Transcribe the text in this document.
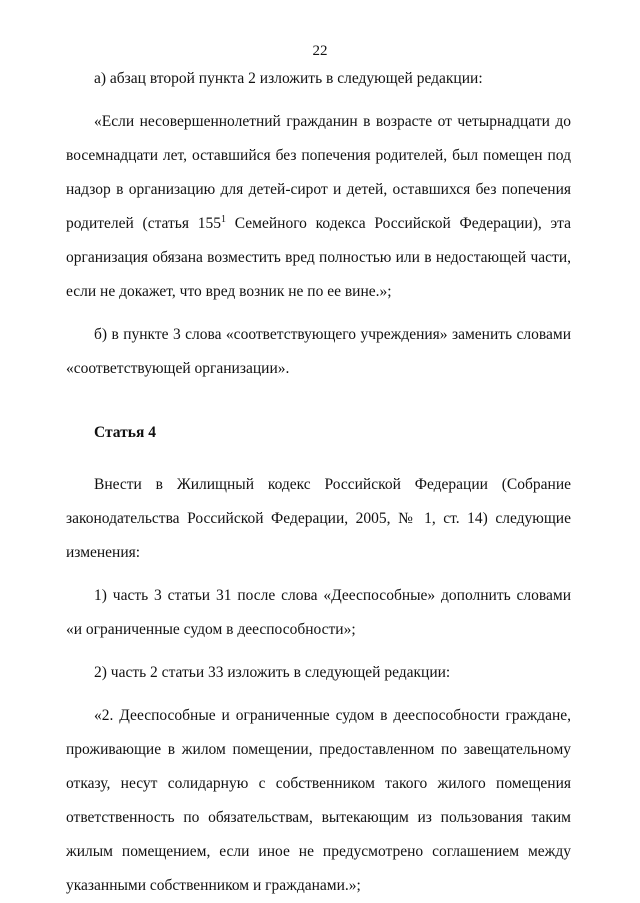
22

а) абзац второй пункта 2 изложить в следующей редакции:

«Если несовершеннолетний гражданин в возрасте от четырнадцати до восемнадцати лет, оставшийся без попечения родителей, был помещен под надзор в организацию для детей-сирот и детей, оставшихся без попечения родителей (статья $155^1$ Семейного кодекса Российской Федерации), эта организация обязана возместить вред полностью или в недостающей части, если не докажет, что вред возник не по ее вине.»;

б) в пункте 3 слова «соответствующего учреждения» заменить словами «соответствующей организации».

Статья 4

Внести в Жилищный кодекс Российской Федерации (Собрание законодательства Российской Федерации, 2005, № 1, ст. 14) следующие изменения:

1) часть 3 статьи 31 после слова «Дееспособные» дополнить словами «и ограниченные судом в дееспособности»;

2) часть 2 статьи 33 изложить в следующей редакции:

«2. Дееспособные и ограниченные судом в дееспособности граждане, проживающие в жилом помещении, предоставленном по завещательному отказу, несут солидарную с собственником такого жилого помещения ответственность по обязательствам, вытекающим из пользования таким жилым помещением, если иное не предусмотрено соглашением между указанными собственником и гражданами.»;
